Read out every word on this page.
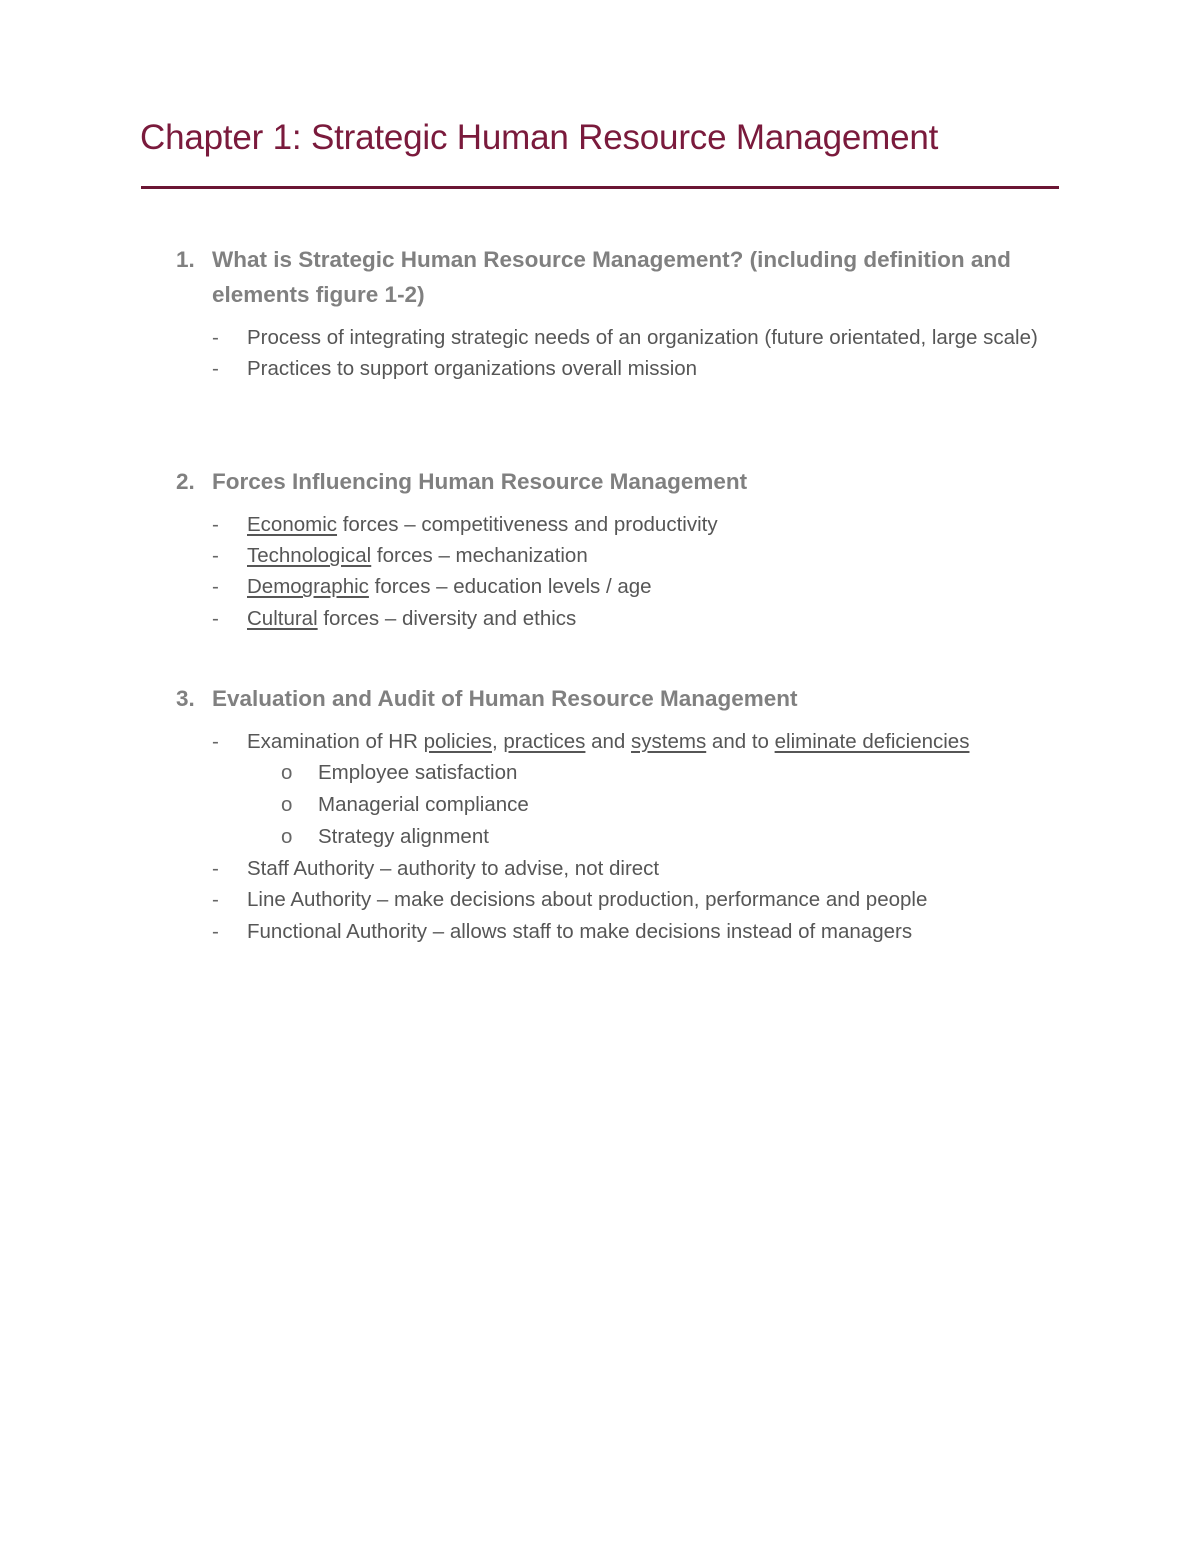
Chapter 1: Strategic Human Resource Management

1. What is Strategic Human Resource Management? (including definition and elements figure 1-2)

- Process of integrating strategic needs of an organization (future orientated, large scale)
- Practices to support organizations overall mission

2. Forces Influencing Human Resource Management

- Economic forces – competitiveness and productivity
- Technological forces – mechanization
- Demographic forces – education levels / age
- Cultural forces – diversity and ethics

3. Evaluation and Audit of Human Resource Management

- Examination of HR policies, practices and systems and to eliminate deficiencies
o Employee satisfaction
o Managerial compliance
o Strategy alignment
- Staff Authority – authority to advise, not direct
- Line Authority – make decisions about production, performance and people
- Functional Authority – allows staff to make decisions instead of managers
